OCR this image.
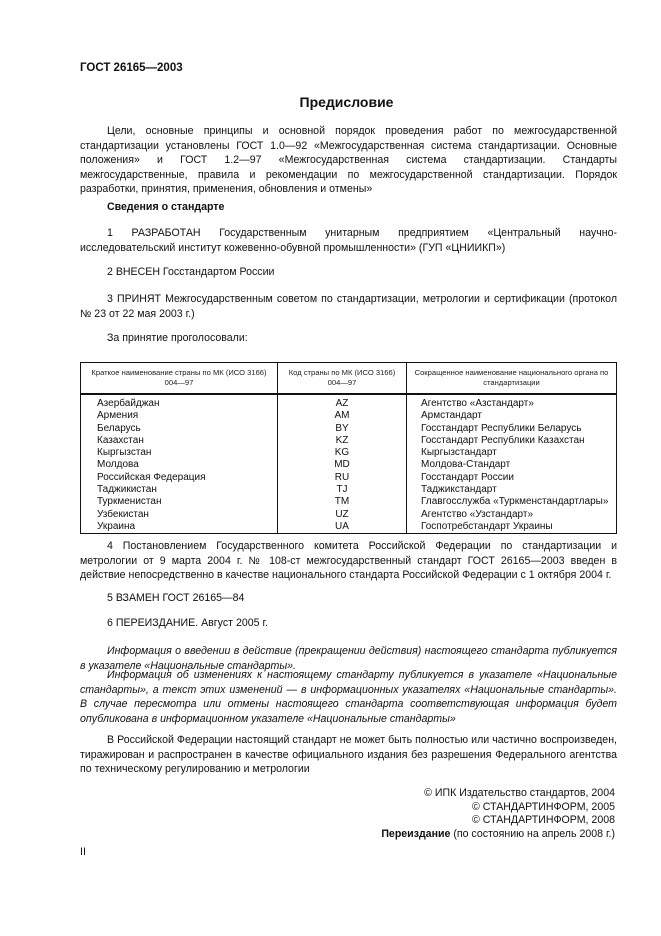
ГОСТ 26165—2003
Предисловие
Цели, основные принципы и основной порядок проведения работ по межгосударственной стандартизации установлены ГОСТ 1.0—92 «Межгосударственная система стандартизации. Основные положения» и ГОСТ 1.2—97 «Межгосударственная система стандартизации. Стандарты межгосударственные, правила и рекомендации по межгосударственной стандартизации. Порядок разработки, принятия, применения, обновления и отмены»
Сведения о стандарте
1 РАЗРАБОТАН Государственным унитарным предприятием «Центральный научно-исследовательский институт кожевенно-обувной промышленности» (ГУП «ЦНИИКП»)
2 ВНЕСЕН Госстандартом России
3 ПРИНЯТ Межгосударственным советом по стандартизации, метрологии и сертификации (протокол № 23 от 22 мая 2003 г.)
За принятие проголосовали:
Краткое наименование страны по МК (ИСО 3166) 004—97	Код страны по МК (ИСО 3166) 004—97	Сокращенное наименование национального органа по стандартизации
Азербайджан	AZ	Агентство «Азстандарт»
Армения	AM	Армстандарт
Беларусь	BY	Госстандарт Республики Беларусь
Казахстан	KZ	Госстандарт Республики Казахстан
Кыргызстан	KG	Кыргызстандарт
Молдова	MD	Молдова-Стандарт
Российская Федерация	RU	Госстандарт России
Таджикистан	TJ	Таджикстандарт
Туркменистан	TM	Главгосслужба «Туркменстандартлары»
Узбекистан	UZ	Агентство «Узстандарт»
Украина	UA	Госпотребстандарт Украины
4 Постановлением Государственного комитета Российской Федерации по стандартизации и метрологии от 9 марта 2004 г. № 108-ст межгосударственный стандарт ГОСТ 26165—2003 введен в действие непосредственно в качестве национального стандарта Российской Федерации с 1 октября 2004 г.
5 ВЗАМЕН ГОСТ 26165—84
6 ПЕРЕИЗДАНИЕ. Август 2005 г.
Информация о введении в действие (прекращении действия) настоящего стандарта публикуется в указателе «Национальные стандарты».
Информация об изменениях к настоящему стандарту публикуется в указателе «Национальные стандарты», а текст этих изменений — в информационных указателях «Национальные стандарты». В случае пересмотра или отмены настоящего стандарта соответствующая информация будет опубликована в информационном указателе «Национальные стандарты»
В Российской Федерации настоящий стандарт не может быть полностью или частично воспроизведен, тиражирован и распространен в качестве официального издания без разрешения Федерального агентства по техническому регулированию и метрологии
© ИПК Издательство стандартов, 2004
© СТАНДАРТИНФОРМ, 2005
© СТАНДАРТИНФОРМ, 2008
Переиздание (по состоянию на апрель 2008 г.)
II
